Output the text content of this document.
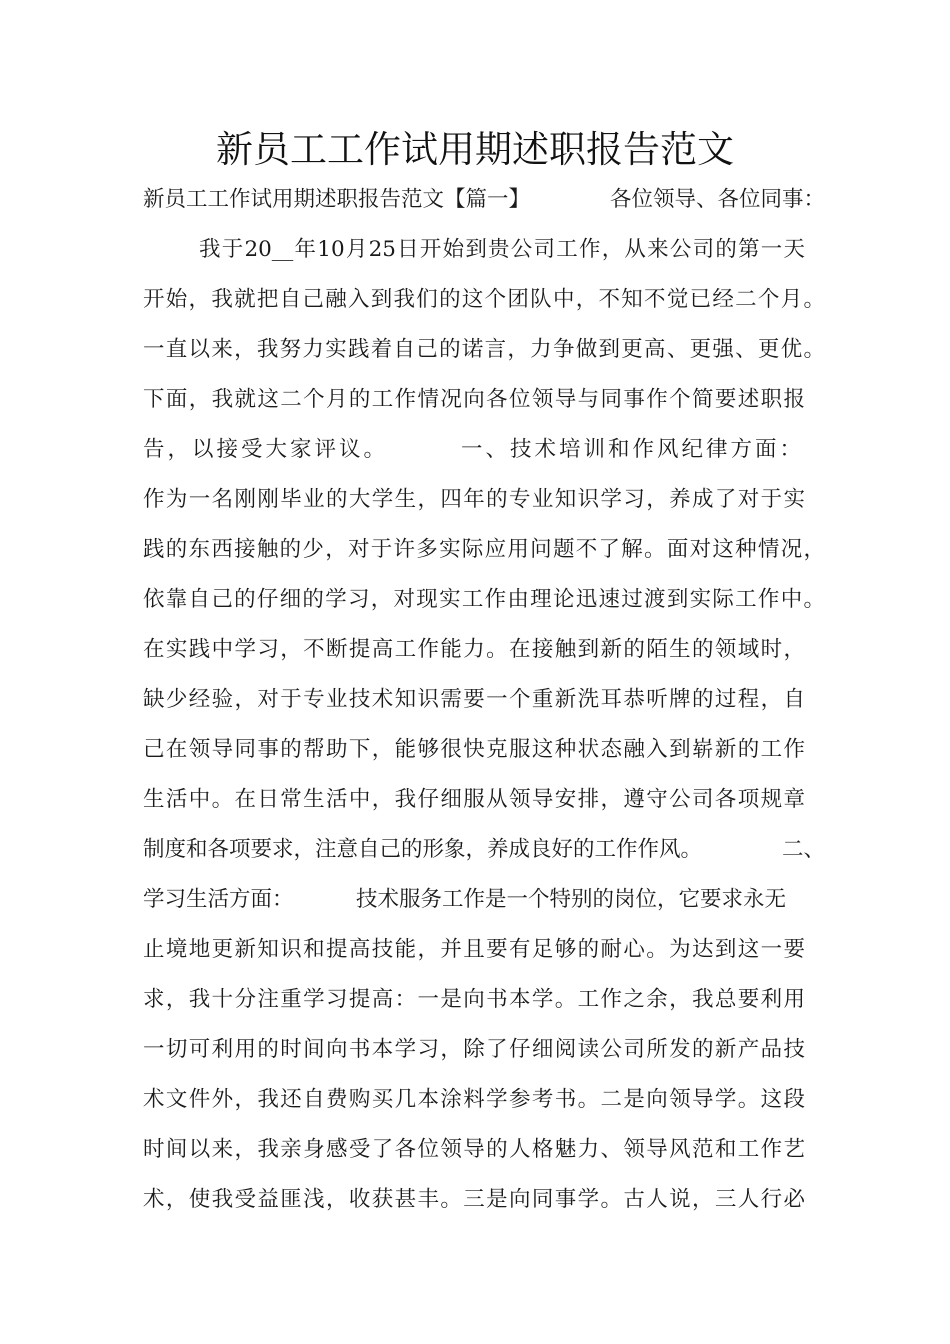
新员工工作试用期述职报告范文
新员工工作试用期述职报告范文【篇一】	各位领导、各位同事：
我于20__年10月25日开始到贵公司工作，从来公司的第一天
开始，我就把自己融入到我们的这个团队中，不知不觉已经二个月。
一直以来，我努力实践着自己的诺言，力争做到更高、更强、更优。
下面，我就这二个月的工作情况向各位领导与同事作个简要述职报
告，以接受大家评议。	一、技术培训和作风纪律方面：
作为一名刚刚毕业的大学生，四年的专业知识学习，养成了对于实
践的东西接触的少，对于许多实际应用问题不了解。面对这种情况，
依靠自己的仔细的学习，对现实工作由理论迅速过渡到实际工作中。
在实践中学习，不断提高工作能力。在接触到新的陌生的领域时，
缺少经验，对于专业技术知识需要一个重新洗耳恭听牌的过程，自
己在领导同事的帮助下，能够很快克服这种状态融入到崭新的工作
生活中。在日常生活中，我仔细服从领导安排，遵守公司各项规章
制度和各项要求，注意自己的形象，养成良好的工作作风。	二、
学习生活方面：	技术服务工作是一个特别的岗位，它要求永无
止境地更新知识和提高技能，并且要有足够的耐心。为达到这一要
求，我十分注重学习提高：一是向书本学。工作之余，我总要利用
一切可利用的时间向书本学习，除了仔细阅读公司所发的新产品技
术文件外，我还自费购买几本涂料学参考书。二是向领导学。这段
时间以来，我亲身感受了各位领导的人格魅力、领导风范和工作艺
术，使我受益匪浅，收获甚丰。三是向同事学。古人说，三人行必
